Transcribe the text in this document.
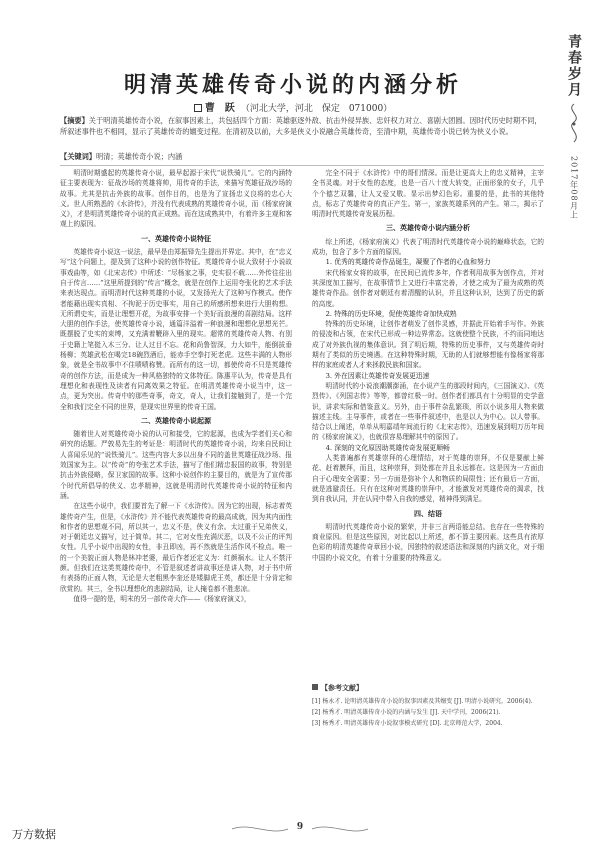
青春岁月
2017年08月上
明清英雄传奇小说的内涵分析
曹　跃 （河北大学，河北　保定　071000）
【摘要】关于明清英雄传奇小说，在叙事因素上，共包括四个方面：英雄驱逐外敌、抗击外侵异族、忠奸权力对立、喜剧大团圆。因时代历史时期不同，所叙述事件也不相同，显示了英雄传奇的嬗变过程。在清初及以前，大多是侠义小说融合英雄传奇，至清中期，英雄传奇小说已转为侠义小说。
【关键词】明清；英雄传奇小说；内涵

明清时期盛起的英雄传奇小说，最早起源于宋代“说铁骑儿”。它的内涵特征主要表现为：征战沙场的英雄将帅，用传奇的手法，来描写英雄征战沙场的故事。尤其是抗击外族的故事。创作目的，也是为了宣扬忠义良将的忠心大义。世人所熟悉的《水浒传》，并没有代表成熟的英雄传奇小说，而《杨家府演义》，才是明清英雄传奇小说的真正成熟。而在这成熟其中，有着许多主观和客观上的原因。

一、英雄传奇小说特征

英雄传奇小说这一说法，最早是由郑振铎先生提出并界定。其中，在“忠义写”这个问题上，提及到了这种小说的创作特征。英雄传奇小说大致材于小说故事戏曲等，如《北宋志传》中所述：“尽杨家之事，史实很不载……外传往往出自于传言……”这里所提到的“传言”概念，就是在创作上运用夸张化的艺术手法来表达现点。而明清时代这种英雄的小说，又发扬光大了这种写作模式。使作者能藉出现实真相、不拘泥于历史事实，用自己的所感所想来进行大胆构想。无所谓史实，而是让理想开花，为故事安排一个美好而浪漫的喜剧结局。这样大胆的创作手法，使英雄传奇小说，通篇洋溢着一种浪漫和理想化思想光芒。既摆脱了史实的束缚，又充满着鞭辟入里的现实。超常的英雄传奇人物、有别于史籍上笔挺入木三分、让人过目不忘。花和尚鲁智深，力大如牛，能倒拔垂杨柳；英雄武松在喝完18碗烈酒后，能赤手空拳打死老虎。这些丰满的人物形象，就是全书故事中不住啧啧称赞。而所有的这一切，都使传奇不只是英雄传奇的创作方法，而是成为一种风格独特的文体特征。陈惠平认为，传奇是具有理想化和表现性及读者有同离效果之特征。在明清英雄传奇小说当中，这一点，更为突出。传奇中的那些奇事，奇文，奇人，让我们接触到了，是一个完全和我们完全不同的世界，是现实世界里的传奇王国。

二、英雄传奇小说起源

随着世人对英雄传奇小说的认可和接受，它的起源，也成为学者们关心和研究的话题。严敦易先生的考证是：明清时代的英雄传奇小说，均来自民间让人喜闻乐见的“说铁骑儿”。这些内容大多以出身不同的盖世英雄征战沙场、报效国家为主。以“传奇”的夸张艺术手法，描写了他们精忠报国的故事，特别是抗击外族侵略，保卫家国的故事。这种小说创作的主要目的，就是为了宣传那个时代所倡导的侠义、忠孝精神，这就是明清时代英雄传奇小说的特征和内涵。

在这些小说中，我们要首先了解一下《水浒传》。因为它的出现，标志着英雄传奇产生，但是，《水浒传》并不能代表英雄传奇的最高成就，因为其内面性和作者的思想观不同，所以其一，忠义不是，侠义有余。太过重于兄弟侠义，对于朝廷忠义描写，过于简单。其二，它对女性充满厌恶，以及不公正的评判女性。几乎小说中出现的女性，非丑即凶，再不然就是生活作风不检点。唯一的一个美貌正面人物是林冲老婆，最后作者还定义为：红颜祸水。让人不禁汗颜。但我们在这类英雄传奇中，不管是叙述者讲故事还是讲人物，对于书中所有表扬的正面人物，无论是大老粗黑李奎还是矮脚虎王英，都还是十分肯定和欣赏的。其三，全书以理想化的悲剧结局，让人掩卷都不胜悲凉。

值得一提的是，明末的另一部传奇大作——《杨家府演义》，

完全不同于《水浒传》中的哥们情深。而是让更高大上的忠义精神，主宰全书灵魂。对于女性的态度，也是一百八十度大转变，正面形象的女子，几乎个个德艺双馨，让人又爱又敬。显示出梦幻色彩。重要的是，此书的其他特点，标志了英雄传奇的真正产生。第一，家族英雄系列的产生。第二，揭示了明清时代英雄传奇发展历程。

三、英雄传奇小说内涵分析

综上所述，《杨家府演义》代表了明清时代英雄传奇小说的巅峰状态，它的成功，包含了多个方面的原因。

1. 优秀的英雄传奇作品诞生，凝聚了作者的心血和努力

宋代杨家女将的故事，在民间已流传多年，作者利用故事为创作点，并对其深度加工描写，在故事情节上又进行丰富完善，才使之成为了最为成熟的英雄传奇作品。创作者对朝廷有着清醒的认识，并且这种认识，达到了历史的新的高度。

2. 特殊的历史环境，促使英雄传奇加快成熟

特殊的历史环境，让创作者萌发了创作灵感，并据此开始着手写作。外族的侵凌和占领，在宋代已形成一种边界常态。这就使整个民族，不约而同地达成了对外族仇视的集体意识。到了明后期，特殊的历史事件，又与英雄传奇时期有了类似的历史境遇。在这种特殊时期，无助的人们就够想能有像杨家将那样的家庭或者人才来拯救民族和国家。

3. 外在因素让英雄传奇发展更迅速

明清时代的小说浪潮潮澎涌，在小说产生的那段时间内，《三国演义》、《英烈传》、《列国志传》等等，都曾红极一时。创作者们都具有十分明显的史学意识，讲求实际和借鉴意义。另外，由于事件杂乱繁琐，所以小说多用人物来做描述主线。主导事件，或者在一些事件叙述中，也是以人为中心。以人带事。结合以上阐述，单单从明嘉靖年间流行的《北宋志传》，迅速发展到明万历年间的《杨家府演义》，也就很容易理解其中的原因了。

4. 深刻的文化原因助英雄传奇发展更顺畅

人类普遍都有英雄崇拜的心理情结，对于英雄的崇拜，不仅是要献上鲜花、赶着膜拜，而且，这种崇拜，到处都在并且永远都在。这是因为一方面由自于心理安全需要；另一方面是弥补个人和物质的局限性；还有最后一方面，就是逃避责任。只有在这种对英雄的崇拜中，才能激发对英雄传奇的渴求，找到自我认同，并在认同中带入自我的感觉，精神得到满足。

四、结语

明清时代英雄传奇小说的繁荣，并非三言两语能总结。也存在一些特殊的商业原因。但是这些原因，对比起以上所述，都不算主要因素。这些具有浓厚色彩的明清英雄传奇章回小说，因独特的叙述语法和深刻的内涵文化，对于细中国的小说文化，有着十分重要的特殊意义。

【参考文献】
[1] 杨永才. 论明清英雄传奇小说的叙事因素及其嬗变 [J]. 明清小说研究，2006(4).
[2] 杨秀才. 明清英雄传奇小说的内涵与发生 [J]. 天中学刊，2006(21).
[3] 杨秀才. 明清英雄传奇小说叙事模式研究 [D]. 北京师范大学，2004.
9
万方数据
